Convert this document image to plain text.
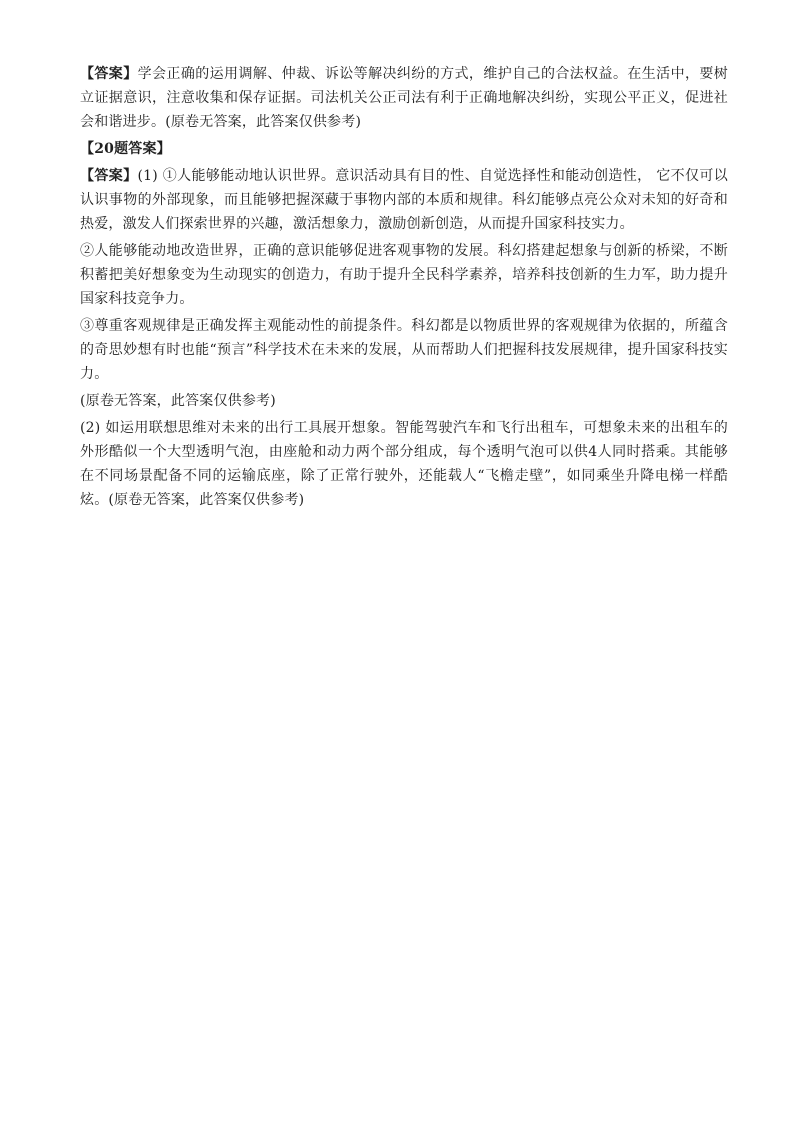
【答案】学会正确的运用调解、仲裁、诉讼等解决纠纷的方式，维护自己的合法权益。在生活中，要树立证据意识，注意收集和保存证据。司法机关公正司法有利于正确地解决纠纷，实现公平正义，促进社会和谐进步。(原卷无答案，此答案仅供参考)

【20题答案】

【答案】(1) ①人能够能动地认识世界。意识活动具有目的性、自觉选择性和能动创造性， 它不仅可以认识事物的外部现象，而且能够把握深藏于事物内部的本质和规律。科幻能够点亮公众对未知的好奇和热爱，激发人们探索世界的兴趣，激活想象力，激励创新创造，从而提升国家科技实力。

②人能够能动地改造世界，正确的意识能够促进客观事物的发展。科幻搭建起想象与创新的桥梁，不断积蓄把美好想象变为生动现实的创造力，有助于提升全民科学素养，培养科技创新的生力军，助力提升国家科技竞争力。

③尊重客观规律是正确发挥主观能动性的前提条件。科幻都是以物质世界的客观规律为依据的，所蕴含的奇思妙想有时也能“预言”科学技术在未来的发展，从而帮助人们把握科技发展规律，提升国家科技实力。

(原卷无答案，此答案仅供参考)

(2) 如运用联想思维对未来的出行工具展开想象。智能驾驶汽车和飞行出租车，可想象未来的出租车的外形酷似一个大型透明气泡，由座舱和动力两个部分组成，每个透明气泡可以供4人同时搭乘。其能够在不同场景配备不同的运输底座，除了正常行驶外，还能载人“飞檐走壁”，如同乘坐升降电梯一样酷炫。(原卷无答案，此答案仅供参考)
